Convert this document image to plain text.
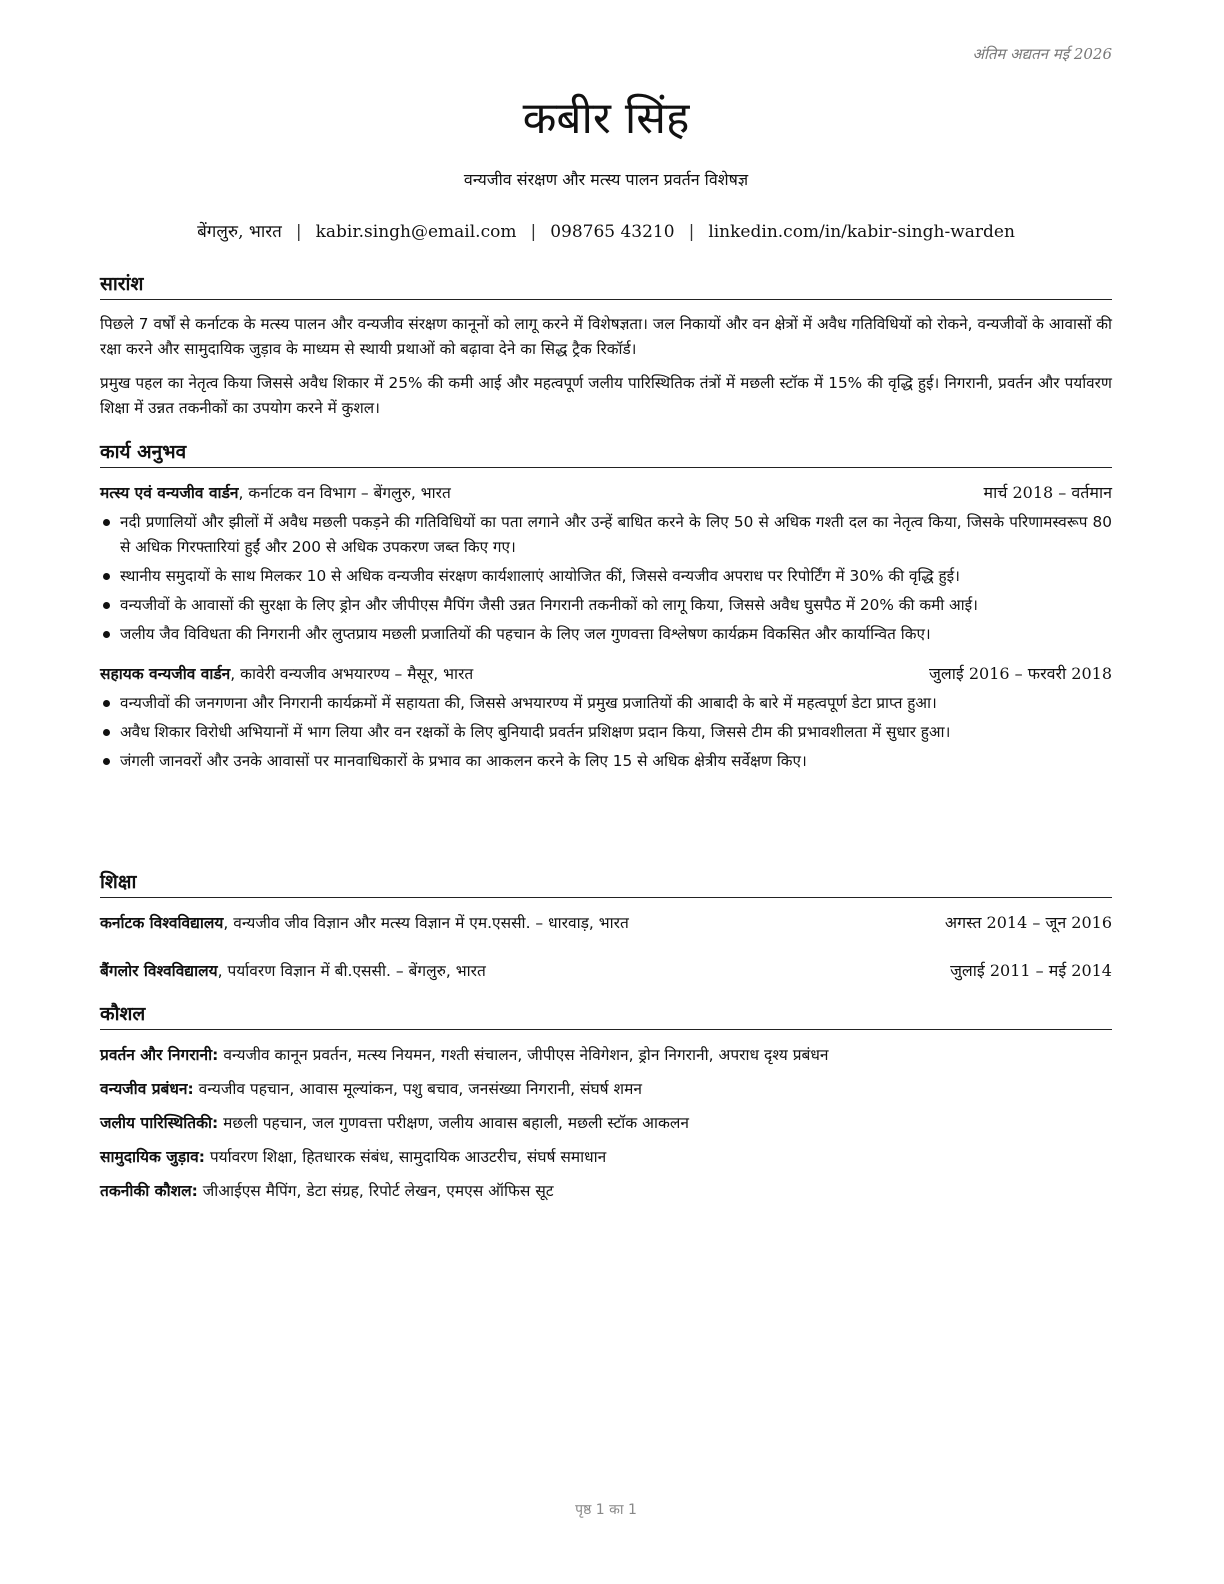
अंतिम अद्यतन मई 2026
कबीर सिंह
वन्यजीव संरक्षण और मत्स्य पालन प्रवर्तन विशेषज्ञ
बेंगलुरु, भारत | kabir.singh@email.com | 098765 43210 | linkedin.com/in/kabir-singh-warden
सारांश

पिछले 7 वर्षों से कर्नाटक के मत्स्य पालन और वन्यजीव संरक्षण कानूनों को लागू करने में विशेषज्ञता। जल निकायों और वन क्षेत्रों में अवैध गतिविधियों को रोकने, वन्यजीवों के आवासों की रक्षा करने और सामुदायिक जुड़ाव के माध्यम से स्थायी प्रथाओं को बढ़ावा देने का सिद्ध ट्रैक रिकॉर्ड।

प्रमुख पहल का नेतृत्व किया जिससे अवैध शिकार में 25% की कमी आई और महत्वपूर्ण जलीय पारिस्थितिक तंत्रों में मछली स्टॉक में 15% की वृद्धि हुई। निगरानी, प्रवर्तन और पर्यावरण शिक्षा में उन्नत तकनीकों का उपयोग करने में कुशल।

कार्य अनुभव
मत्स्य एवं वन्यजीव वार्डन, कर्नाटक वन विभाग – बेंगलुरु, भारत	मार्च 2018 – वर्तमान
नदी प्रणालियों और झीलों में अवैध मछली पकड़ने की गतिविधियों का पता लगाने और उन्हें बाधित करने के लिए 50 से अधिक गश्ती दल का नेतृत्व किया, जिसके परिणामस्वरूप 80 से अधिक गिरफ्तारियां हुईं और 200 से अधिक उपकरण जब्त किए गए।
स्थानीय समुदायों के साथ मिलकर 10 से अधिक वन्यजीव संरक्षण कार्यशालाएं आयोजित कीं, जिससे वन्यजीव अपराध पर रिपोर्टिंग में 30% की वृद्धि हुई।
वन्यजीवों के आवासों की सुरक्षा के लिए ड्रोन और जीपीएस मैपिंग जैसी उन्नत निगरानी तकनीकों को लागू किया, जिससे अवैध घुसपैठ में 20% की कमी आई।
जलीय जैव विविधता की निगरानी और लुप्तप्राय मछली प्रजातियों की पहचान के लिए जल गुणवत्ता विश्लेषण कार्यक्रम विकसित और कार्यान्वित किए।
सहायक वन्यजीव वार्डन, कावेरी वन्यजीव अभयारण्य – मैसूर, भारत	जुलाई 2016 – फरवरी 2018
वन्यजीवों की जनगणना और निगरानी कार्यक्रमों में सहायता की, जिससे अभयारण्य में प्रमुख प्रजातियों की आबादी के बारे में महत्वपूर्ण डेटा प्राप्त हुआ।
अवैध शिकार विरोधी अभियानों में भाग लिया और वन रक्षकों के लिए बुनियादी प्रवर्तन प्रशिक्षण प्रदान किया, जिससे टीम की प्रभावशीलता में सुधार हुआ।
जंगली जानवरों और उनके आवासों पर मानवाधिकारों के प्रभाव का आकलन करने के लिए 15 से अधिक क्षेत्रीय सर्वेक्षण किए।
शिक्षा
कर्नाटक विश्वविद्यालय, वन्यजीव जीव विज्ञान और मत्स्य विज्ञान में एम.एससी. – धारवाड़, भारत	अगस्त 2014 – जून 2016
बैंगलोर विश्वविद्यालय, पर्यावरण विज्ञान में बी.एससी. – बेंगलुरु, भारत	जुलाई 2011 – मई 2014
कौशल
प्रवर्तन और निगरानी: वन्यजीव कानून प्रवर्तन, मत्स्य नियमन, गश्ती संचालन, जीपीएस नेविगेशन, ड्रोन निगरानी, अपराध दृश्य प्रबंधन
वन्यजीव प्रबंधन: वन्यजीव पहचान, आवास मूल्यांकन, पशु बचाव, जनसंख्या निगरानी, संघर्ष शमन
जलीय पारिस्थितिकी: मछली पहचान, जल गुणवत्ता परीक्षण, जलीय आवास बहाली, मछली स्टॉक आकलन
सामुदायिक जुड़ाव: पर्यावरण शिक्षा, हितधारक संबंध, सामुदायिक आउटरीच, संघर्ष समाधान
तकनीकी कौशल: जीआईएस मैपिंग, डेटा संग्रह, रिपोर्ट लेखन, एमएस ऑफिस सूट
पृष्ठ 1 का 1
